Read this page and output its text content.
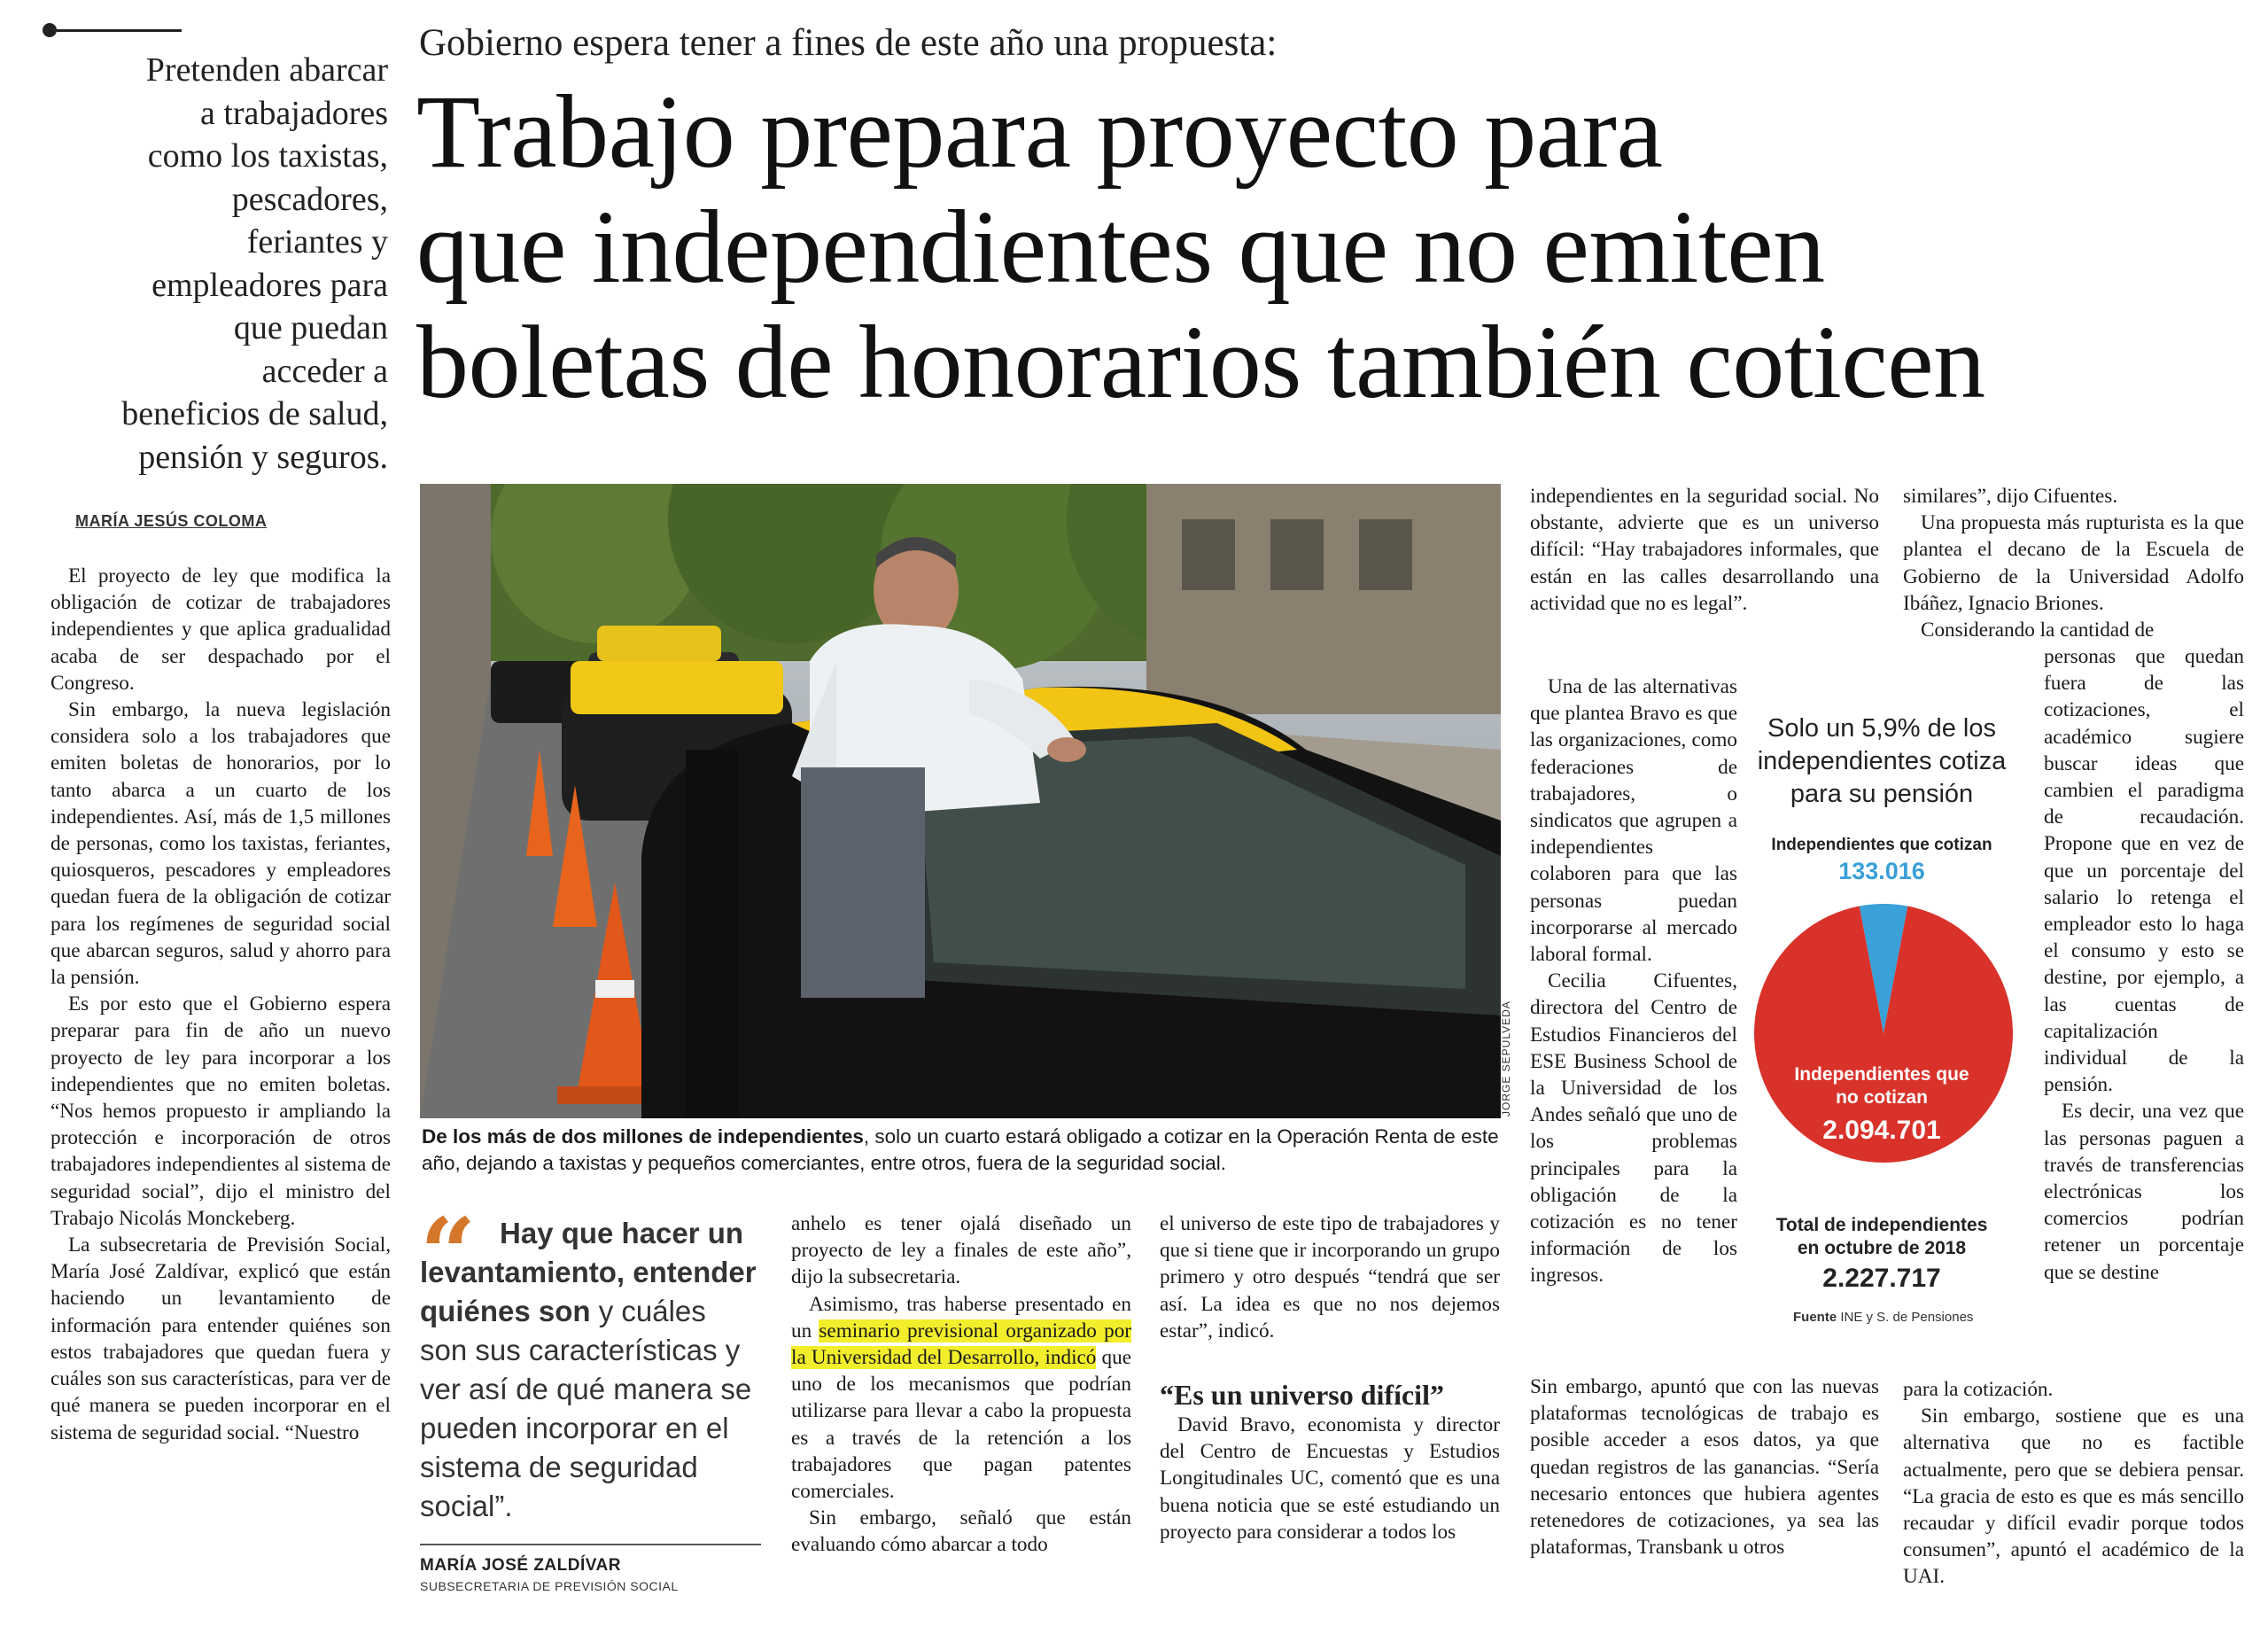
Pretenden abarcar
a trabajadores
como los taxistas,
pescadores,
feriantes y
empleadores para
que puedan
acceder a
beneficios de salud,
pensión y seguros.
MARÍA JESÚS COLOMA

El proyecto de ley que modifica la obligación de cotizar de trabajadores independientes y que aplica gradualidad acaba de ser despachado por el Congreso.

Sin embargo, la nueva legislación considera solo a los trabajadores que emiten boletas de honorarios, por lo tanto abarca a un cuarto de los independientes. Así, más de 1,5 millones de personas, como los taxistas, feriantes, quiosqueros, pescadores y empleadores quedan fuera de la obligación de cotizar para los regímenes de seguridad social que abarcan seguros, salud y ahorro para la pensión.

Es por esto que el Gobierno espera preparar para fin de año un nuevo proyecto de ley para incorporar a los independientes que no emiten boletas. “Nos hemos propuesto ir ampliando la protección e incorporación de otros trabajadores independientes al sistema de seguridad social”, dijo el ministro del Trabajo Nicolás Monckeberg.

La subsecretaria de Previsión Social, María José Zaldívar, explicó que están haciendo un levantamiento de información para entender quiénes son estos trabajadores que quedan fuera y cuáles son sus características, para ver de qué manera se pueden incorporar en el sistema de seguridad social. “Nuestro

Gobierno espera tener a fines de este año una propuesta:
Trabajo prepara proyecto para
que independientes que no emiten
boletas de honorarios también coticen
JORGE SEPÚLVEDA
De los más de dos millones de independientes, solo un cuarto estará obligado a cotizar en la Operación Renta de este año, dejando a taxistas y pequeños comerciantes, entre otros, fuera de la seguridad social.
“ Hay que hacer un levantamiento, entender quiénes son y cuáles son sus características y ver así de qué manera se pueden incorporar en el sistema de seguridad social”.
MARÍA JOSÉ ZALDÍVAR
SUBSECRETARIA DE PREVISIÓN SOCIAL

anhelo es tener ojalá diseñado un proyecto de ley a finales de este año”, dijo la subsecretaria.

Asimismo, tras haberse presentado en un seminario previsional organizado por la Universidad del Desarrollo, indicó que uno de los mecanismos que podrían utilizarse para llevar a cabo la propuesta es a través de la retención a los trabajadores que pagan patentes comerciales.

Sin embargo, señaló que están evaluando cómo abarcar a todo

el universo de este tipo de trabajadores y que si tiene que ir incorporando un grupo primero y otro después “tendrá que ser así. La idea es que no nos dejemos estar”, indicó.

David Bravo, economista y director del Centro de Encuestas y Estudios Longitudinales UC, comentó que es una buena noticia que se esté estudiando un proyecto para considerar a todos los

“Es un universo difícil”

independientes en la seguridad social. No obstante, advierte que es un universo difícil: “Hay trabajadores informales, que están en las calles desarrollando una actividad que no es legal”.

Una de las alternativas que plantea Bravo es que las organizaciones, como federaciones de trabajadores, o sindicatos que agrupen a independientes colaboren para que las personas puedan incorporarse al mercado laboral formal.

Cecilia Cifuentes, directora del Centro de Estudios Financieros del ESE Business School de la Universidad de los Andes señaló que uno de los problemas principales para la obligación de la cotización es no tener información de los ingresos.

Sin embargo, apuntó que con las nuevas plataformas tecnológicas de trabajo es posible acceder a esos datos, ya que quedan registros de las ganancias. “Sería necesario entonces que hubiera agentes retenedores de cotizaciones, ya sea las plataformas, Transbank u otros

similares”, dijo Cifuentes.

Una propuesta más rupturista es la que plantea el decano de la Escuela de Gobierno de la Universidad Adolfo Ibáñez, Ignacio Briones.

Considerando la cantidad de

personas que quedan fuera de las cotizaciones, el académico sugiere buscar ideas que cambien el paradigma de recaudación. Propone que en vez de que un porcentaje del salario lo retenga el empleador esto lo haga el consumo y esto se destine, por ejemplo, a las cuentas de capitalización individual de la pensión.

Es decir, una vez que las personas paguen a través de transferencias electrónicas los comercios podrían retener un porcentaje que se destine

para la cotización.

Sin embargo, sostiene que es una alternativa que no es factible actualmente, pero que se debiera pensar. “La gracia de esto es que es más sencillo recaudar y difícil evadir porque todos consumen”, apuntó el académico de la UAI.

Solo un 5,9% de los independientes cotiza para su pensión
Independientes que cotizan
133.016
Independientes que no cotizan
2.094.701
Total de independientes en octubre de 2018
2.227.717
Fuente INE y S. de Pensiones
